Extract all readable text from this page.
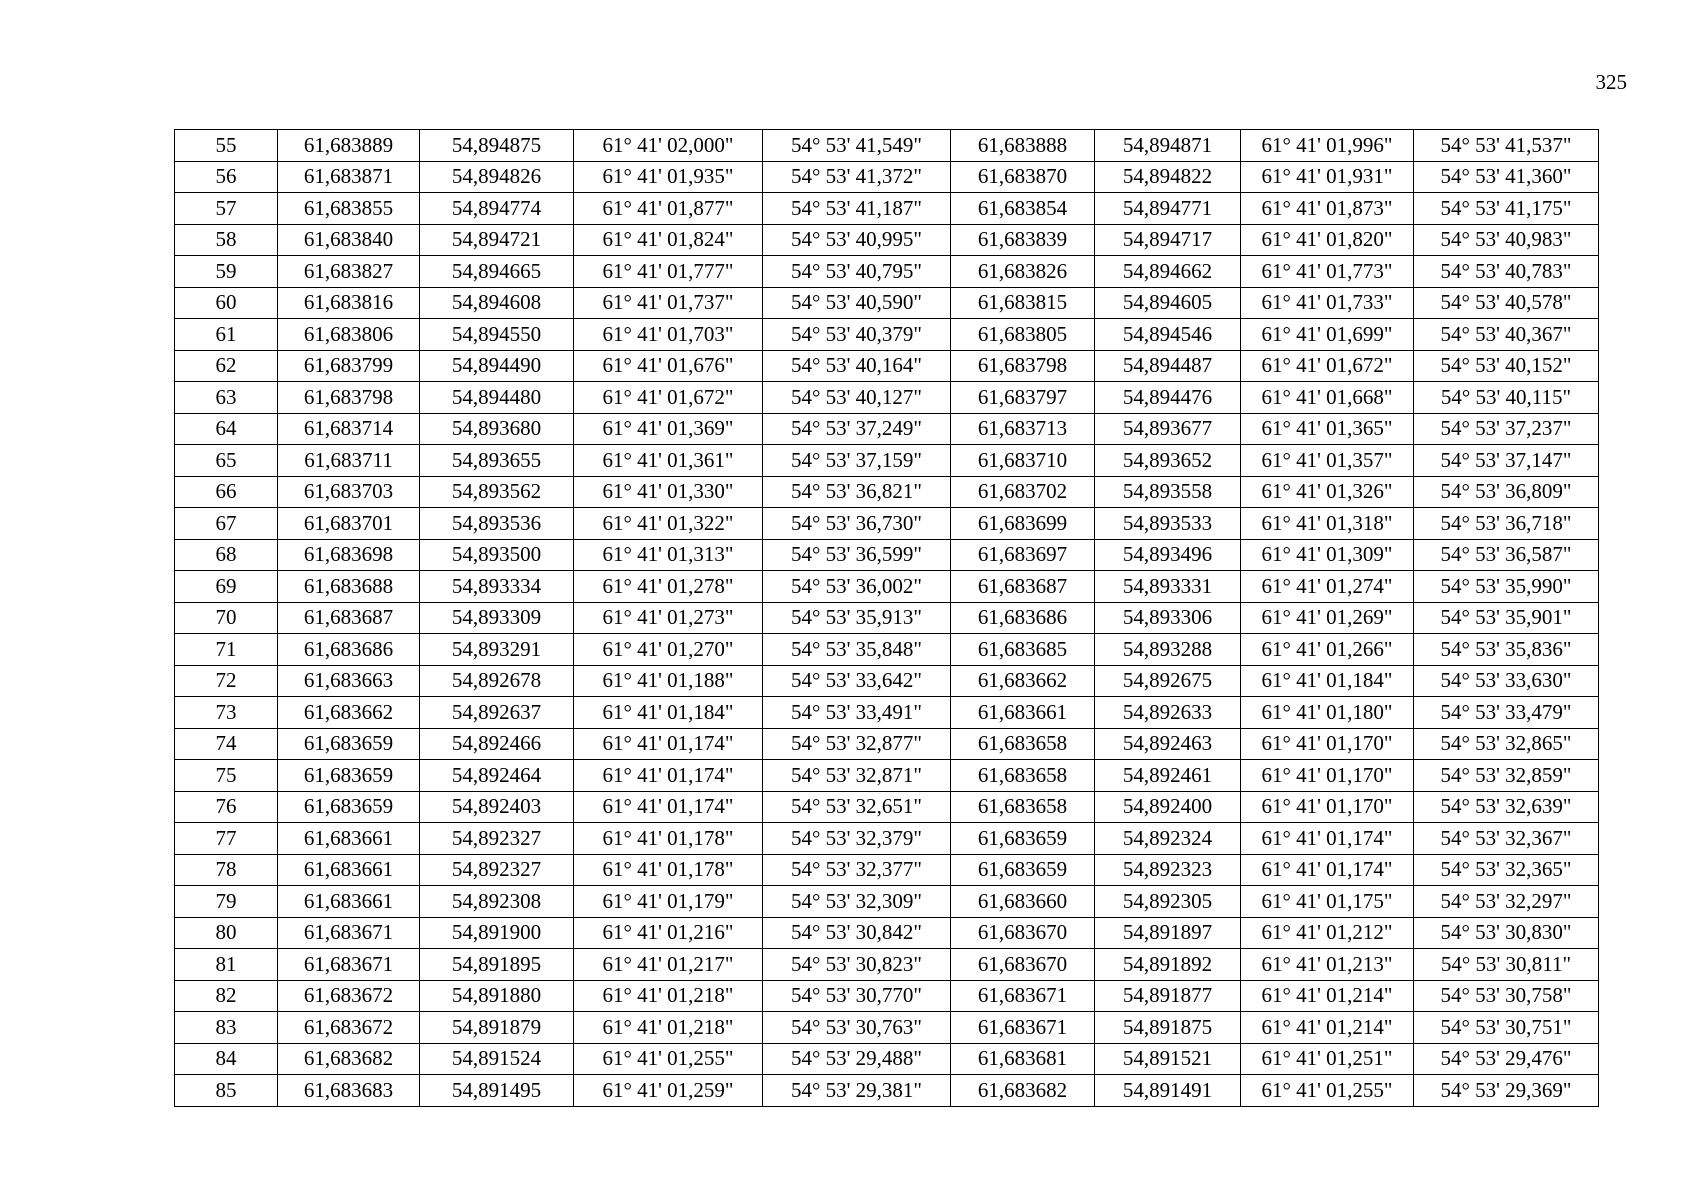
325
55	61,683889	54,894875	61° 41' 02,000"	54° 53' 41,549"	61,683888	54,894871	61° 41' 01,996"	54° 53' 41,537"
56	61,683871	54,894826	61° 41' 01,935"	54° 53' 41,372"	61,683870	54,894822	61° 41' 01,931"	54° 53' 41,360"
57	61,683855	54,894774	61° 41' 01,877"	54° 53' 41,187"	61,683854	54,894771	61° 41' 01,873"	54° 53' 41,175"
58	61,683840	54,894721	61° 41' 01,824"	54° 53' 40,995"	61,683839	54,894717	61° 41' 01,820"	54° 53' 40,983"
59	61,683827	54,894665	61° 41' 01,777"	54° 53' 40,795"	61,683826	54,894662	61° 41' 01,773"	54° 53' 40,783"
60	61,683816	54,894608	61° 41' 01,737"	54° 53' 40,590"	61,683815	54,894605	61° 41' 01,733"	54° 53' 40,578"
61	61,683806	54,894550	61° 41' 01,703"	54° 53' 40,379"	61,683805	54,894546	61° 41' 01,699"	54° 53' 40,367"
62	61,683799	54,894490	61° 41' 01,676"	54° 53' 40,164"	61,683798	54,894487	61° 41' 01,672"	54° 53' 40,152"
63	61,683798	54,894480	61° 41' 01,672"	54° 53' 40,127"	61,683797	54,894476	61° 41' 01,668"	54° 53' 40,115"
64	61,683714	54,893680	61° 41' 01,369"	54° 53' 37,249"	61,683713	54,893677	61° 41' 01,365"	54° 53' 37,237"
65	61,683711	54,893655	61° 41' 01,361"	54° 53' 37,159"	61,683710	54,893652	61° 41' 01,357"	54° 53' 37,147"
66	61,683703	54,893562	61° 41' 01,330"	54° 53' 36,821"	61,683702	54,893558	61° 41' 01,326"	54° 53' 36,809"
67	61,683701	54,893536	61° 41' 01,322"	54° 53' 36,730"	61,683699	54,893533	61° 41' 01,318"	54° 53' 36,718"
68	61,683698	54,893500	61° 41' 01,313"	54° 53' 36,599"	61,683697	54,893496	61° 41' 01,309"	54° 53' 36,587"
69	61,683688	54,893334	61° 41' 01,278"	54° 53' 36,002"	61,683687	54,893331	61° 41' 01,274"	54° 53' 35,990"
70	61,683687	54,893309	61° 41' 01,273"	54° 53' 35,913"	61,683686	54,893306	61° 41' 01,269"	54° 53' 35,901"
71	61,683686	54,893291	61° 41' 01,270"	54° 53' 35,848"	61,683685	54,893288	61° 41' 01,266"	54° 53' 35,836"
72	61,683663	54,892678	61° 41' 01,188"	54° 53' 33,642"	61,683662	54,892675	61° 41' 01,184"	54° 53' 33,630"
73	61,683662	54,892637	61° 41' 01,184"	54° 53' 33,491"	61,683661	54,892633	61° 41' 01,180"	54° 53' 33,479"
74	61,683659	54,892466	61° 41' 01,174"	54° 53' 32,877"	61,683658	54,892463	61° 41' 01,170"	54° 53' 32,865"
75	61,683659	54,892464	61° 41' 01,174"	54° 53' 32,871"	61,683658	54,892461	61° 41' 01,170"	54° 53' 32,859"
76	61,683659	54,892403	61° 41' 01,174"	54° 53' 32,651"	61,683658	54,892400	61° 41' 01,170"	54° 53' 32,639"
77	61,683661	54,892327	61° 41' 01,178"	54° 53' 32,379"	61,683659	54,892324	61° 41' 01,174"	54° 53' 32,367"
78	61,683661	54,892327	61° 41' 01,178"	54° 53' 32,377"	61,683659	54,892323	61° 41' 01,174"	54° 53' 32,365"
79	61,683661	54,892308	61° 41' 01,179"	54° 53' 32,309"	61,683660	54,892305	61° 41' 01,175"	54° 53' 32,297"
80	61,683671	54,891900	61° 41' 01,216"	54° 53' 30,842"	61,683670	54,891897	61° 41' 01,212"	54° 53' 30,830"
81	61,683671	54,891895	61° 41' 01,217"	54° 53' 30,823"	61,683670	54,891892	61° 41' 01,213"	54° 53' 30,811"
82	61,683672	54,891880	61° 41' 01,218"	54° 53' 30,770"	61,683671	54,891877	61° 41' 01,214"	54° 53' 30,758"
83	61,683672	54,891879	61° 41' 01,218"	54° 53' 30,763"	61,683671	54,891875	61° 41' 01,214"	54° 53' 30,751"
84	61,683682	54,891524	61° 41' 01,255"	54° 53' 29,488"	61,683681	54,891521	61° 41' 01,251"	54° 53' 29,476"
85	61,683683	54,891495	61° 41' 01,259"	54° 53' 29,381"	61,683682	54,891491	61° 41' 01,255"	54° 53' 29,369"
